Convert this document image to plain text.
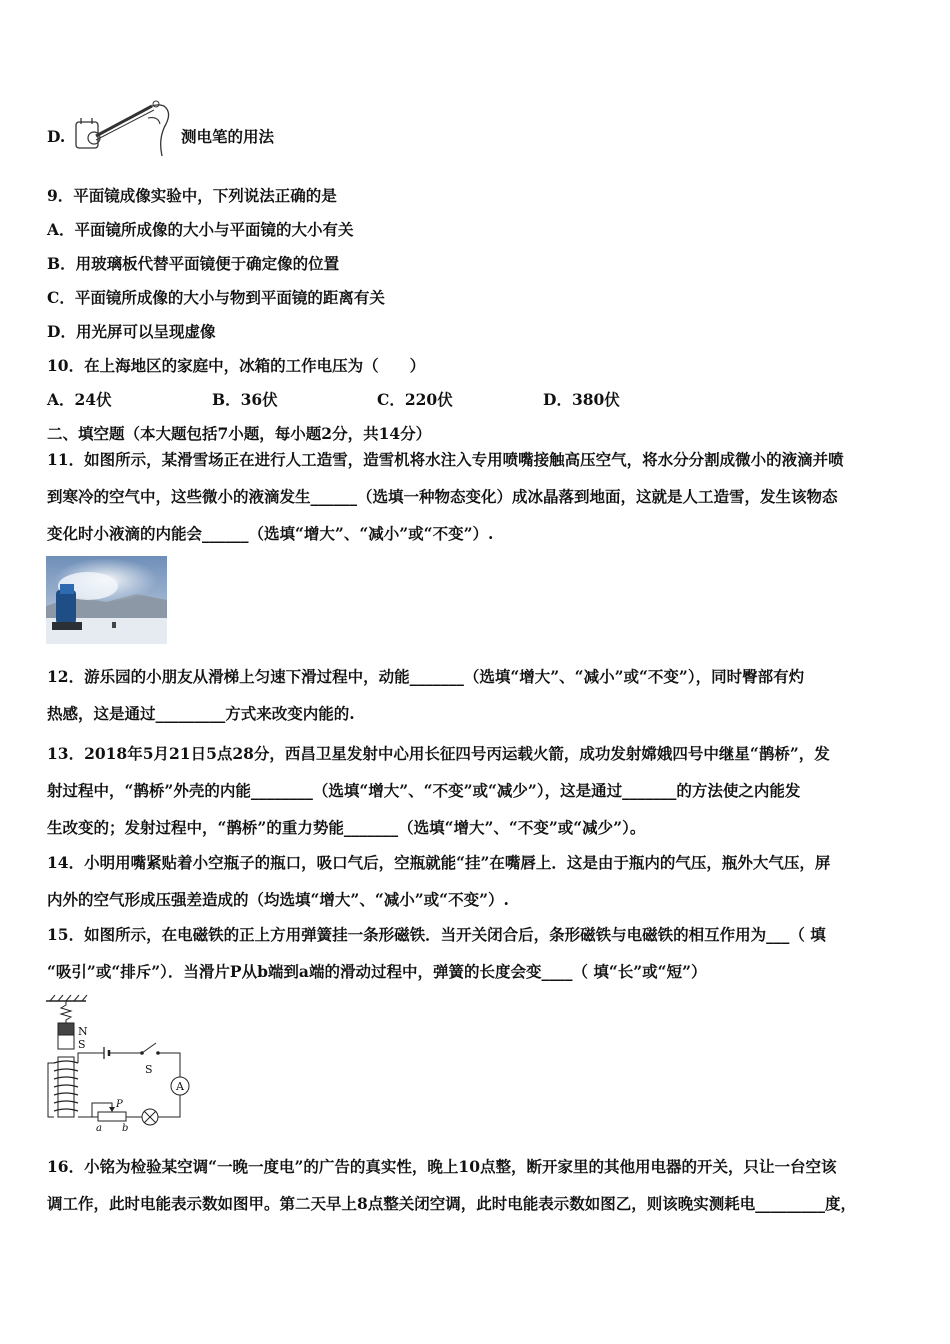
D.	测电笔的用法
9．平面镜成像实验中，下列说法正确的是
A．平面镜所成像的大小与平面镜的大小有关
B．用玻璃板代替平面镜便于确定像的位置
C．平面镜所成像的大小与物到平面镜的距离有关
D．用光屏可以呈现虚像
10．在上海地区的家庭中，冰箱的工作电压为（　　）
A．24伏	B．36伏	C．220伏	D．380伏
二、填空题（本大题包括7小题，每小题2分，共14分）
11．如图所示，某滑雪场正在进行人工造雪，造雪机将水注入专用喷嘴接触高压空气，将水分分割成微小的液滴并喷
到寒冷的空气中，这些微小的液滴发生______（选填一种物态变化）成冰晶落到地面，这就是人工造雪，发生该物态
变化时小液滴的内能会______（选填“增大”、“减小”或“不变”）.
12．游乐园的小朋友从滑梯上匀速下滑过程中，动能_______（选填“增大”、“减小”或“不变”），同时臀部有灼
热感，这是通过_________方式来改变内能的.
13．2018年5月21日5点28分，西昌卫星发射中心用长征四号丙运载火箭，成功发射嫦娥四号中继星“鹊桥”，发
射过程中，“鹊桥”外壳的内能________（选填“增大”、“不变”或“减少”），这是通过_______的方法使之内能发
生改变的；发射过程中，“鹊桥”的重力势能_______（选填“增大”、“不变”或“减少”）。
14．小明用嘴紧贴着小空瓶子的瓶口，吸口气后，空瓶就能“挂”在嘴唇上．这是由于瓶内的气压，瓶外大气压，屏
内外的空气形成压强差造成的（均选填“增大”、“减小”或“不变”）.
15．如图所示，在电磁铁的正上方用弹簧挂一条形磁铁．当开关闭合后，条形磁铁与电磁铁的相互作用为___（ 填
“吸引”或“排斥”）．当滑片P从b端到a端的滑动过程中，弹簧的长度会变____（ 填“长”或“短”）
N
S
S
A
P
a b
16．小铭为检验某空调“一晚一度电”的广告的真实性，晚上10点整，断开家里的其他用电器的开关，只让一台空该
调工作，此时电能表示数如图甲。第二天早上8点整关闭空调，此时电能表示数如图乙，则该晚实测耗电_________度，
